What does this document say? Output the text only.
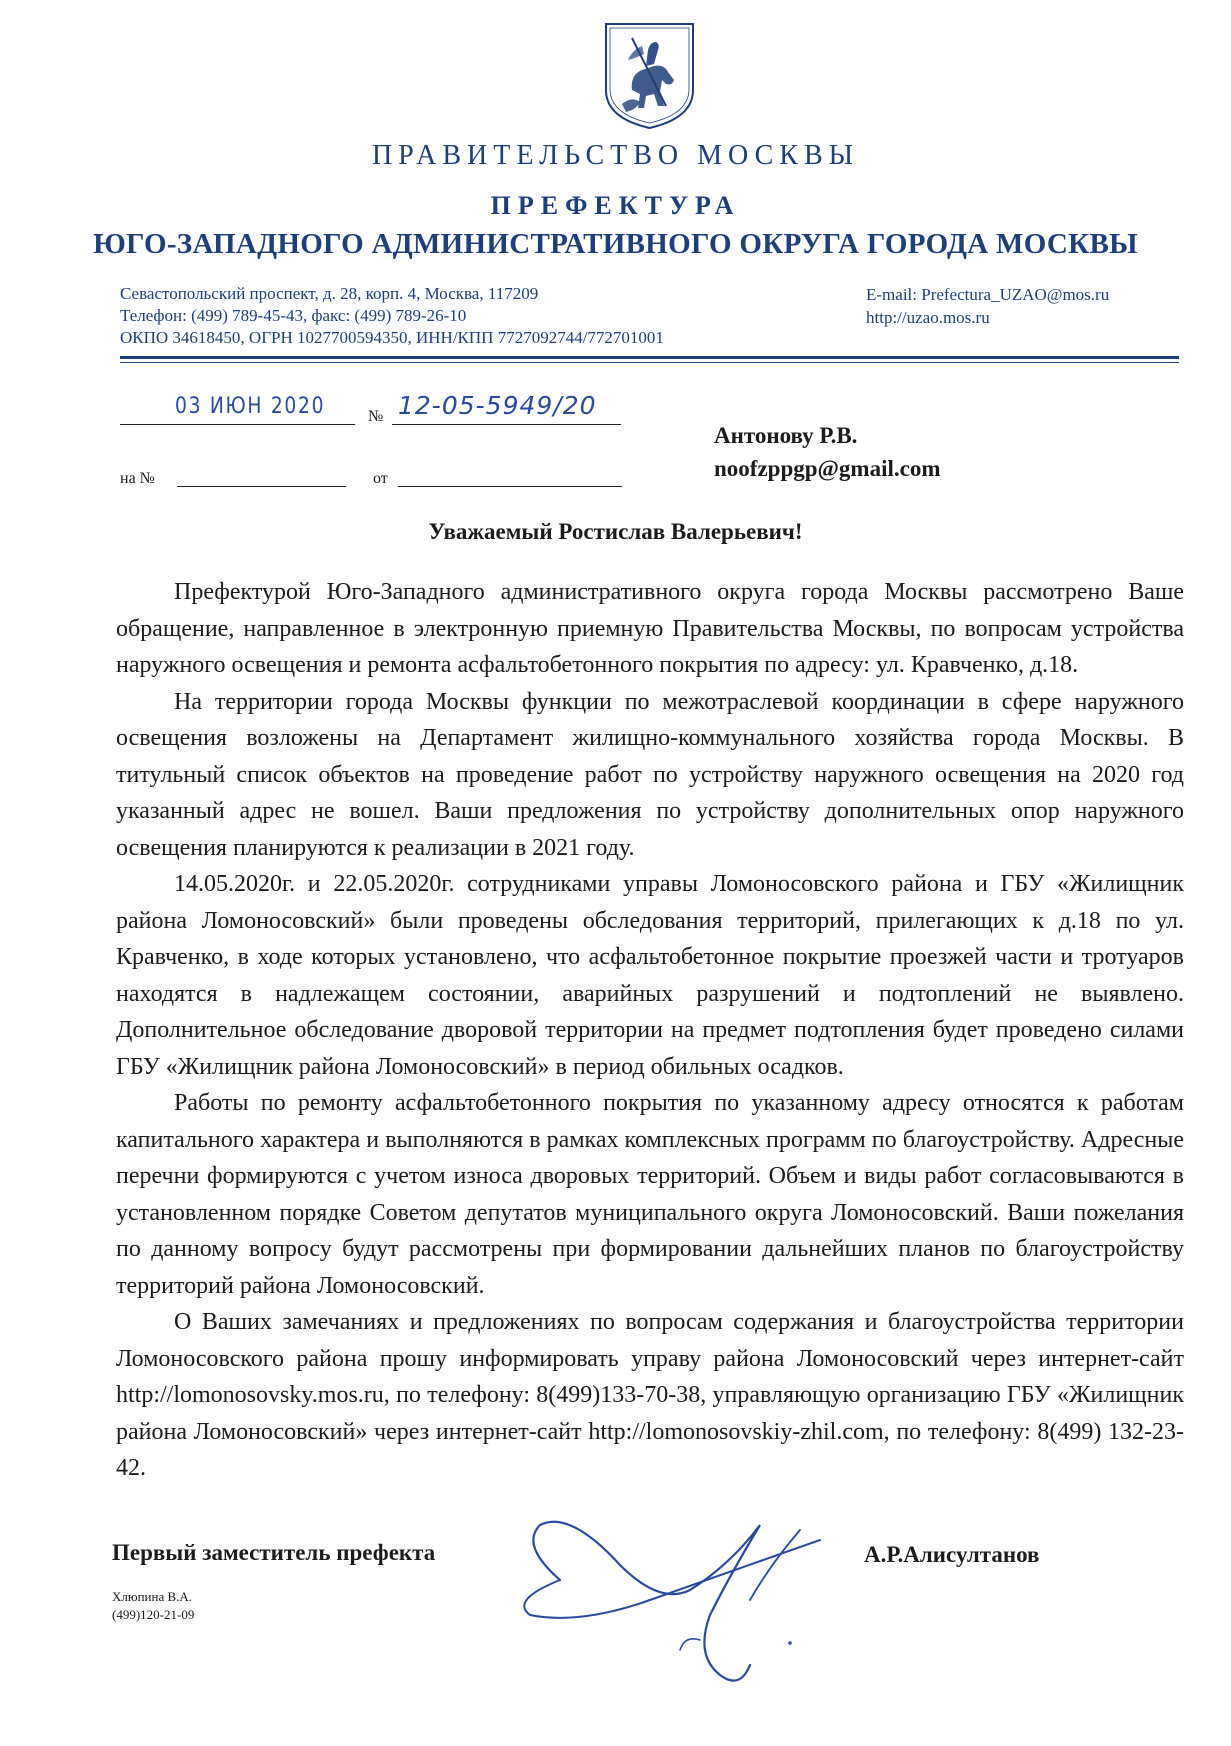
ПРАВИТЕЛЬСТВО МОСКВЫ
ПРЕФЕКТУРА
ЮГО-ЗАПАДНОГО АДМИНИСТРАТИВНОГО ОКРУГА ГОРОДА МОСКВЫ
Севастопольский проспект, д. 28, корп. 4, Москва, 117209
Телефон: (499) 789-45-43, факс: (499) 789-26-10
ОКПО 34618450, ОГРН 1027700594350, ИНН/КПП 7727092744/772701001
E-mail: Prefectura_UZAO@mos.ru
http://uzao.mos.ru
03 ИЮН 2020	№ 12-05-5949/20
на №	от
Антонову Р.В.
noofzppgp@gmail.com
Уважаемый Ростислав Валерьевич!

Префектурой Юго-Западного административного округа города Москвы рассмотрено Ваше обращение, направленное в электронную приемную Правительства Москвы, по вопросам устройства наружного освещения и ремонта асфальтобетонного покрытия по адресу: ул. Кравченко, д.18.

На территории города Москвы функции по межотраслевой координации в сфере наружного освещения возложены на Департамент жилищно-коммунального хозяйства города Москвы. В титульный список объектов на проведение работ по устройству наружного освещения на 2020 год указанный адрес не вошел. Ваши предложения по устройству дополнительных опор наружного освещения планируются к реализации в 2021 году.

14.05.2020г. и 22.05.2020г. сотрудниками управы Ломоносовского района и ГБУ «Жилищник района Ломоносовский» были проведены обследования территорий, прилегающих к д.18 по ул. Кравченко, в ходе которых установлено, что асфальтобетонное покрытие проезжей части и тротуаров находятся в надлежащем состоянии, аварийных разрушений и подтоплений не выявлено. Дополнительное обследование дворовой территории на предмет подтопления будет проведено силами ГБУ «Жилищник района Ломоносовский» в период обильных осадков.

Работы по ремонту асфальтобетонного покрытия по указанному адресу относятся к работам капитального характера и выполняются в рамках комплексных программ по благоустройству. Адресные перечни формируются с учетом износа дворовых территорий. Объем и виды работ согласовываются в установленном порядке Советом депутатов муниципального округа Ломоносовский. Ваши пожелания по данному вопросу будут рассмотрены при формировании дальнейших планов по благоустройству территорий района Ломоносовский.

О Ваших замечаниях и предложениях по вопросам содержания и благоустройства территории Ломоносовского района прошу информировать управу района Ломоносовский через интернет-сайт http://lomonosovsky.mos.ru, по телефону: 8(499)133-70-38, управляющую организацию ГБУ «Жилищник района Ломоносовский» через интернет-сайт http://lomonosovskiy-zhil.com, по телефону: 8(499) 132-23-42.

Первый заместитель префекта	А.Р.Алисултанов
Хлюпина В.А.
(499)120-21-09
